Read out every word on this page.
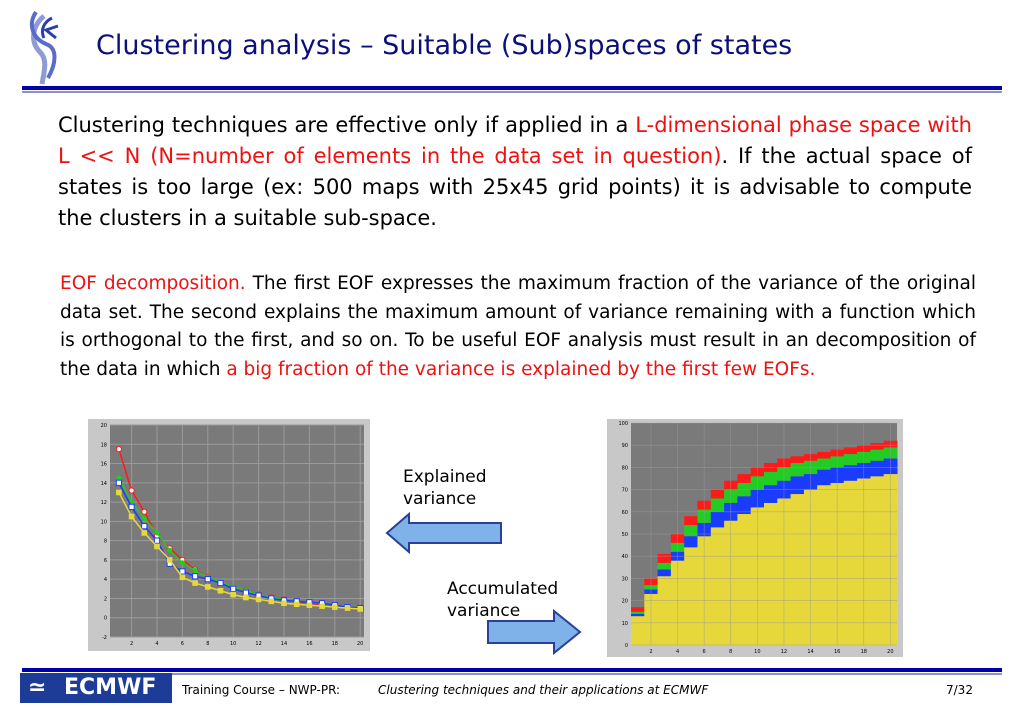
Clustering analysis – Suitable (Sub)spaces of states

Clustering techniques are effective only if applied in a L-dimensional phase space with L << N (N=number of elements in the data set in question). If the actual space of states is too large (ex: 500 maps with 25x45 grid points) it is advisable to compute the clusters in a suitable sub-space.

EOF decomposition. The first EOF expresses the maximum fraction of the variance of the original data set. The second explains the maximum amount of variance remaining with a function which is orthogonal to the first, and so on. To be useful EOF analysis must result in an decomposition of the data in which a big fraction of the variance is explained by the first few EOFs.

-2
0
2
4
6
8
10
12
14
16
18
20
2	4	6	8	10	12	14	16	18	20	0
10
20
30
40
50
60
70
80
90
100
2	4	6	8	10	12	14	16	18	20
Explained variance
Accumulated variance
≃ ECMWF Training Course – NWP-PR:	Clustering techniques and their applications at ECMWF	7/32
